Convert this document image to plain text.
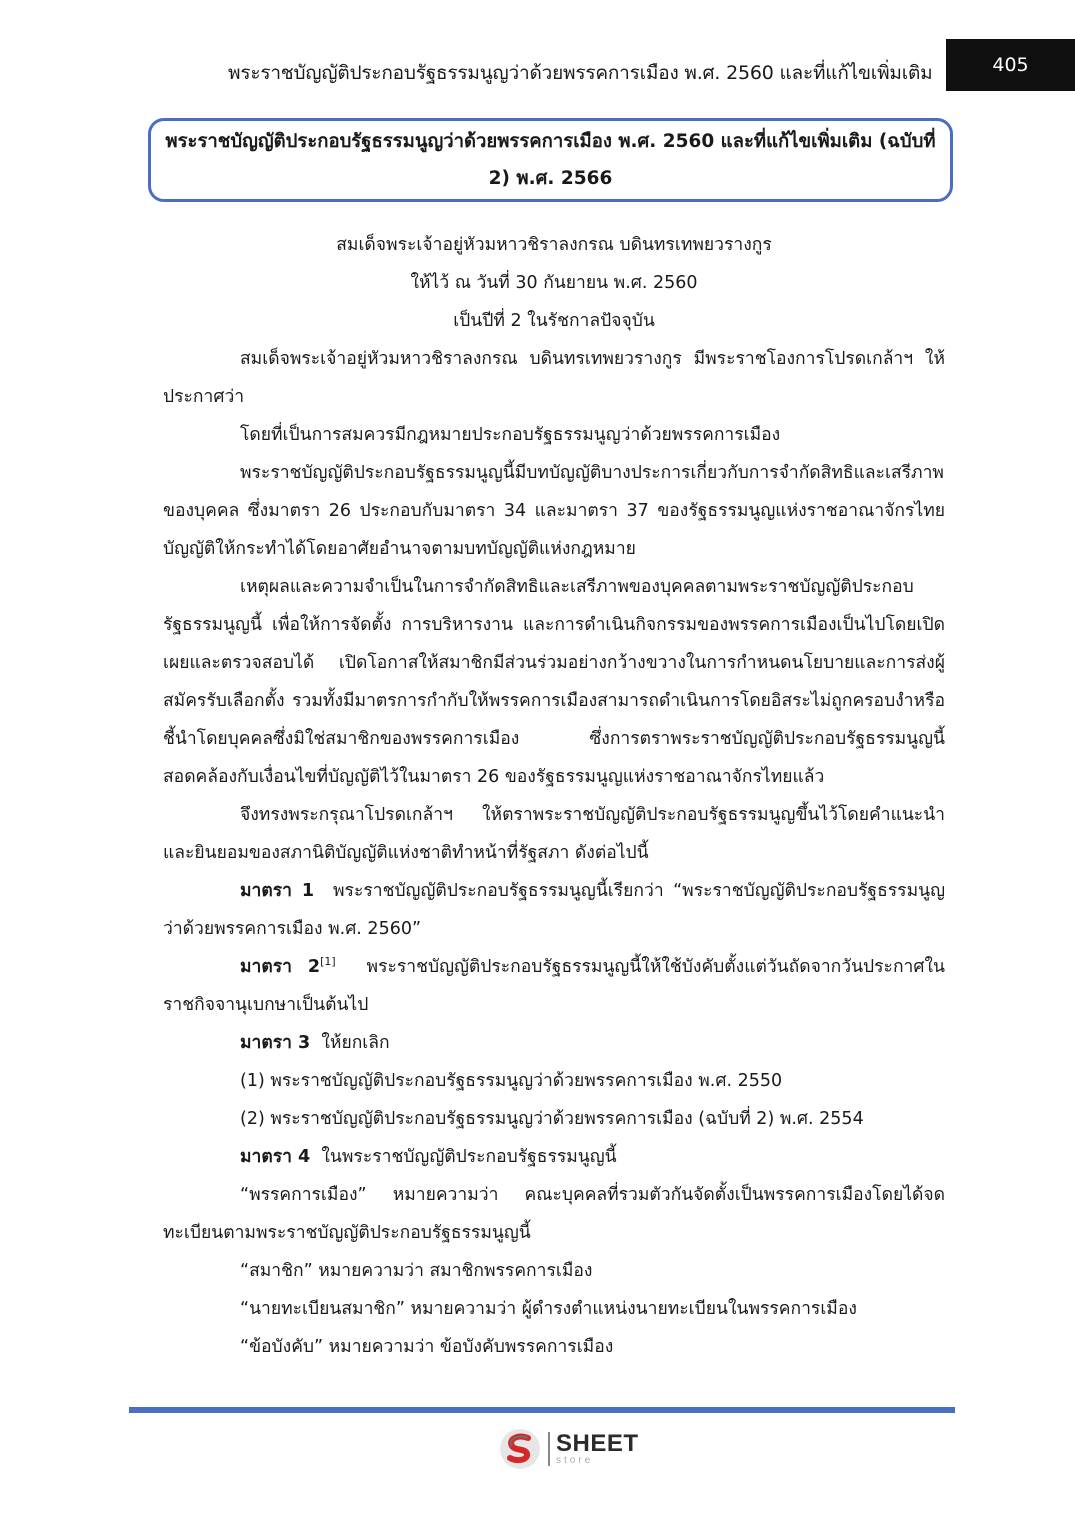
พระราชบัญญัติประกอบรัฐธรรมนูญว่าด้วยพรรคการเมือง พ.ศ. 2560 และที่แก้ไขเพิ่มเติม	405
พระราชบัญญัติประกอบรัฐธรรมนูญว่าด้วยพรรคการเมือง พ.ศ. 2560 และที่แก้ไขเพิ่มเติม (ฉบับที่
2) พ.ศ. 2566
สมเด็จพระเจ้าอยู่หัวมหาวชิราลงกรณ บดินทรเทพยวรางกูร
ให้ไว้ ณ วันที่ 30 กันยายน พ.ศ. 2560
เป็นปีที่ 2 ในรัชกาลปัจจุบัน

สมเด็จพระเจ้าอยู่หัวมหาวชิราลงกรณ บดินทรเทพยวรางกูร มีพระราชโองการโปรดเกล้าฯ ให้ประกาศว่า

โดยที่เป็นการสมควรมีกฎหมายประกอบรัฐธรรมนูญว่าด้วยพรรคการเมือง

พระราชบัญญัติประกอบรัฐธรรมนูญนี้มีบทบัญญัติบางประการเกี่ยวกับการจำกัดสิทธิและเสรีภาพของบุคคล ซึ่งมาตรา 26 ประกอบกับมาตรา 34 และมาตรา 37 ของรัฐธรรมนูญแห่งราชอาณาจักรไทย บัญญัติให้กระทำได้โดยอาศัยอำนาจตามบทบัญญัติแห่งกฎหมาย

เหตุผลและความจำเป็นในการจำกัดสิทธิและเสรีภาพของบุคคลตามพระราชบัญญัติประกอบรัฐธรรมนูญนี้ เพื่อให้การจัดตั้ง การบริหารงาน และการดำเนินกิจกรรมของพรรคการเมืองเป็นไปโดยเปิดเผยและตรวจสอบได้ เปิดโอกาสให้สมาชิกมีส่วนร่วมอย่างกว้างขวางในการกำหนดนโยบายและการส่งผู้สมัครรับเลือกตั้ง รวมทั้งมีมาตรการกำกับให้พรรคการเมืองสามารถดำเนินการโดยอิสระไม่ถูกครอบงำหรือชี้นำโดยบุคคลซึ่งมิใช่สมาชิกของพรรคการเมือง ซึ่งการตราพระราชบัญญัติประกอบรัฐธรรมนูญนี้สอดคล้องกับเงื่อนไขที่บัญญัติไว้ในมาตรา 26 ของรัฐธรรมนูญแห่งราชอาณาจักรไทยแล้ว

จึงทรงพระกรุณาโปรดเกล้าฯ ให้ตราพระราชบัญญัติประกอบรัฐธรรมนูญขึ้นไว้โดยคำแนะนำและยินยอมของสภานิติบัญญัติแห่งชาติทำหน้าที่รัฐสภา ดังต่อไปนี้

มาตรา 1 พระราชบัญญัติประกอบรัฐธรรมนูญนี้เรียกว่า “พระราชบัญญัติประกอบรัฐธรรมนูญว่าด้วยพรรคการเมือง พ.ศ. 2560”

มาตรา 2[1] พระราชบัญญัติประกอบรัฐธรรมนูญนี้ให้ใช้บังคับตั้งแต่วันถัดจากวันประกาศในราชกิจจานุเบกษาเป็นต้นไป

มาตรา 3 ให้ยกเลิก

(1) พระราชบัญญัติประกอบรัฐธรรมนูญว่าด้วยพรรคการเมือง พ.ศ. 2550

(2) พระราชบัญญัติประกอบรัฐธรรมนูญว่าด้วยพรรคการเมือง (ฉบับที่ 2) พ.ศ. 2554

มาตรา 4 ในพระราชบัญญัติประกอบรัฐธรรมนูญนี้

“พรรคการเมือง” หมายความว่า คณะบุคคลที่รวมตัวกันจัดตั้งเป็นพรรคการเมืองโดยได้จดทะเบียนตามพระราชบัญญัติประกอบรัฐธรรมนูญนี้

“สมาชิก” หมายความว่า สมาชิกพรรคการเมือง

“นายทะเบียนสมาชิก” หมายความว่า ผู้ดำรงตำแหน่งนายทะเบียนในพรรคการเมือง

“ข้อบังคับ” หมายความว่า ข้อบังคับพรรคการเมือง

SHEET
store
